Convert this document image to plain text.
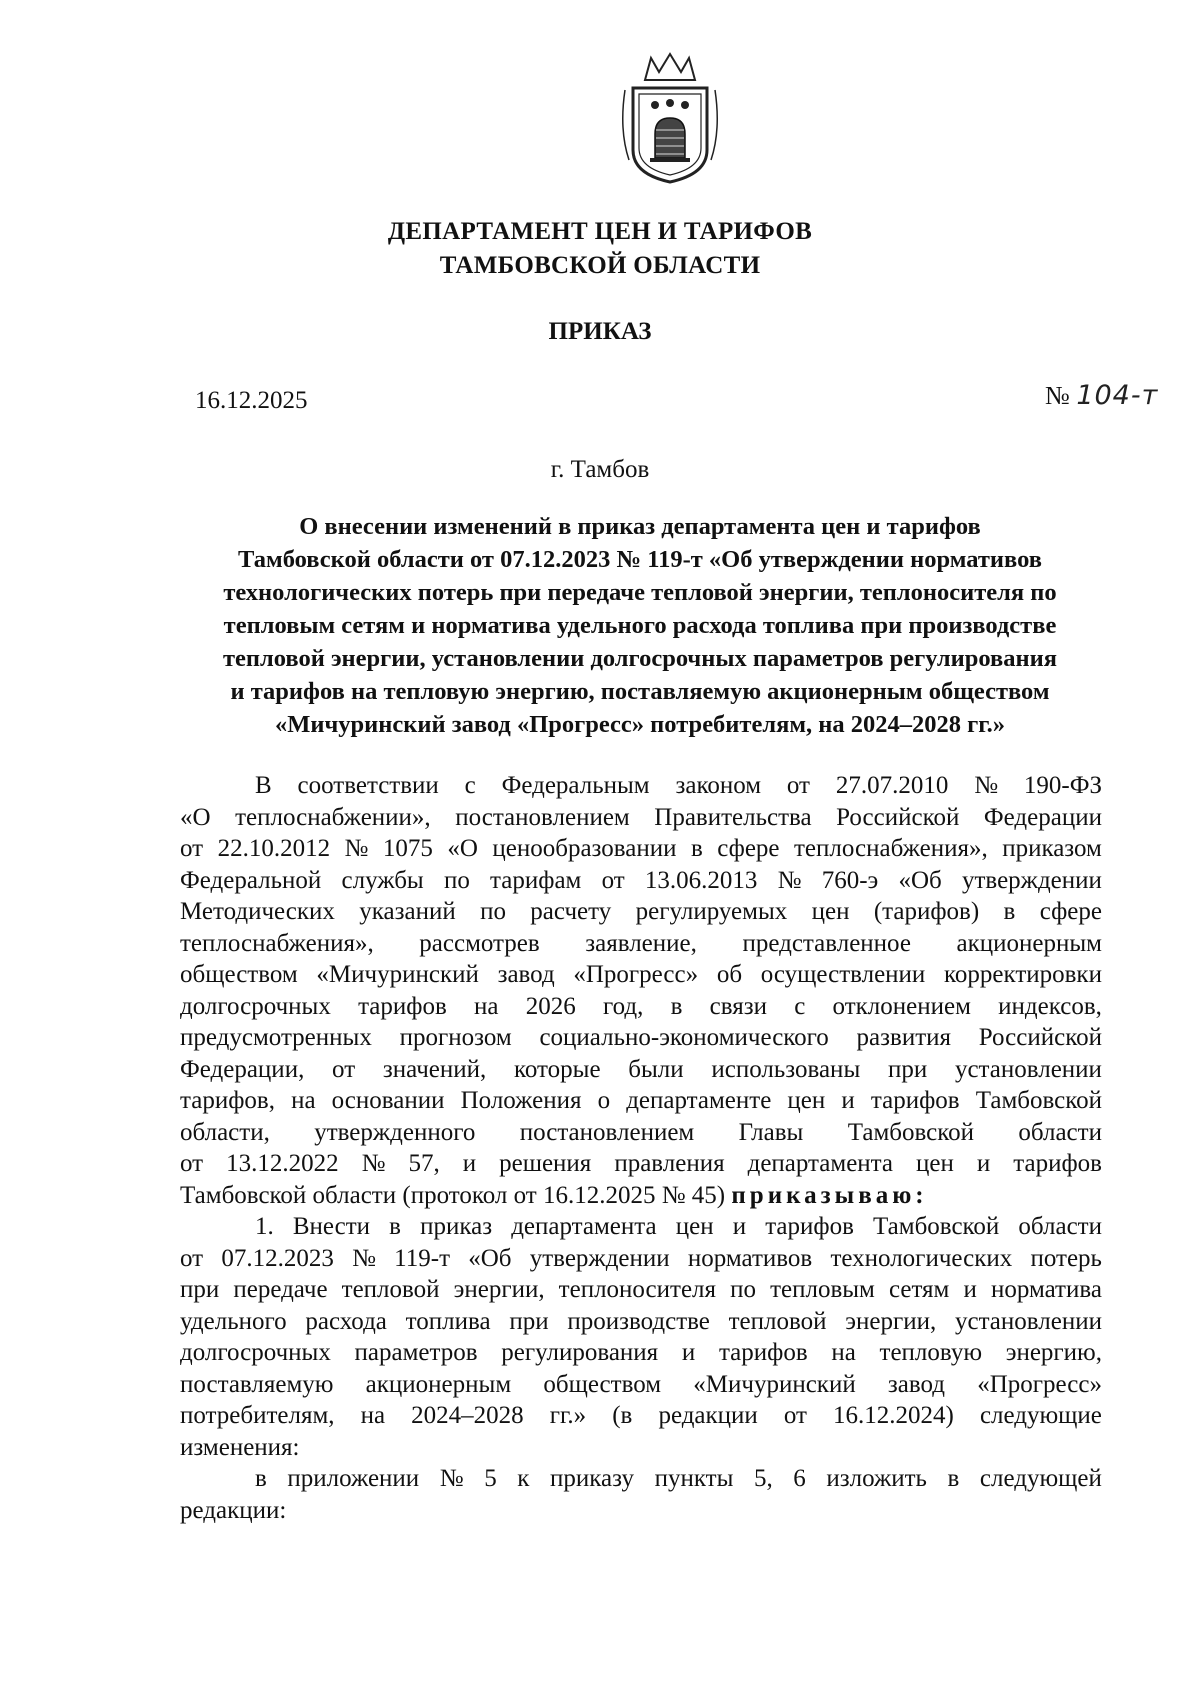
ДЕПАРТАМЕНТ ЦЕН И ТАРИФОВ
ТАМБОВСКОЙ ОБЛАСТИ
ПРИКАЗ
16.12.2025	№ 104-т
г. Тамбов
О внесении изменений в приказ департамента цен и тарифов
Тамбовской области от 07.12.2023 № 119-т «Об утверждении нормативов
технологических потерь при передаче тепловой энергии, теплоносителя по
тепловым сетям и норматива удельного расхода топлива при производстве
тепловой энергии, установлении долгосрочных параметров регулирования
и тарифов на тепловую энергию, поставляемую акционерным обществом
«Мичуринский завод «Прогресс» потребителям, на 2024–2028 гг.»
В соответствии с Федеральным законом от 27.07.2010 № 190-ФЗ
«О теплоснабжении», постановлением Правительства Российской Федерации
от 22.10.2012 № 1075 «О ценообразовании в сфере теплоснабжения», приказом
Федеральной службы по тарифам от 13.06.2013 № 760-э «Об утверждении
Методических указаний по расчету регулируемых цен (тарифов) в сфере
теплоснабжения», рассмотрев заявление, представленное акционерным
обществом «Мичуринский завод «Прогресс» об осуществлении корректировки
долгосрочных тарифов на 2026 год, в связи с отклонением индексов,
предусмотренных прогнозом социально-экономического развития Российской
Федерации, от значений, которые были использованы при установлении
тарифов, на основании Положения о департаменте цен и тарифов Тамбовской
области, утвержденного постановлением Главы Тамбовской области
от 13.12.2022 № 57, и решения правления департамента цен и тарифов
Тамбовской области (протокол от 16.12.2025 № 45)
приказываю:
1. Внести в приказ департамента цен и тарифов Тамбовской области
от 07.12.2023 № 119-т «Об утверждении нормативов технологических потерь
при передаче тепловой энергии, теплоносителя по тепловым сетям и норматива
удельного расхода топлива при производстве тепловой энергии, установлении
долгосрочных параметров регулирования и тарифов на тепловую энергию,
поставляемую акционерным обществом «Мичуринский завод «Прогресс»
потребителям, на 2024–2028 гг.» (в редакции от 16.12.2024) следующие
изменения:
в приложении № 5 к приказу пункты 5, 6 изложить в следующей
редакции:
